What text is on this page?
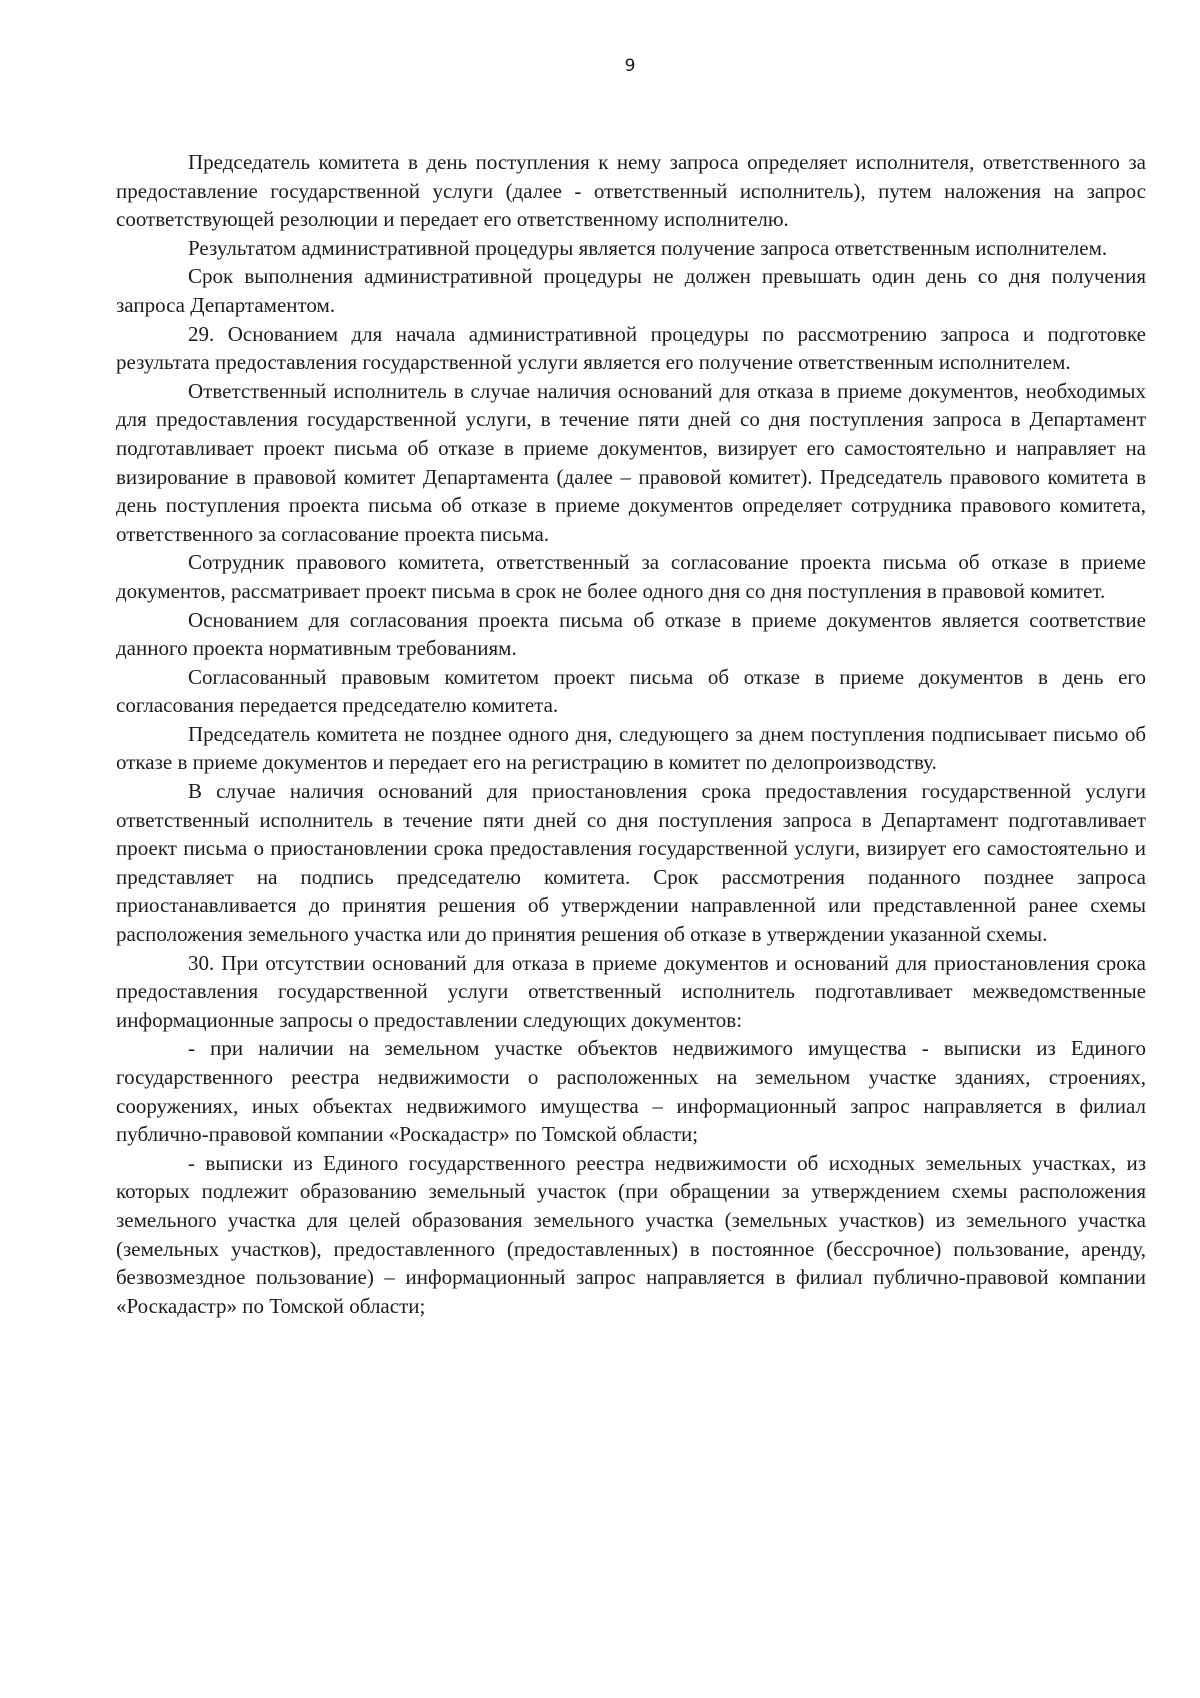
9

Председатель комитета в день поступления к нему запроса определяет исполнителя, ответственного за предоставление государственной услуги (далее - ответственный исполнитель), путем наложения на запрос соответствующей резолюции и передает его ответственному исполнителю.

Результатом административной процедуры является получение запроса ответственным исполнителем.

Срок выполнения административной процедуры не должен превышать один день со дня получения запроса Департаментом.

29. Основанием для начала административной процедуры по рассмотрению запроса и подготовке результата предоставления государственной услуги является его получение ответственным исполнителем.

Ответственный исполнитель в случае наличия оснований для отказа в приеме документов, необходимых для предоставления государственной услуги, в течение пяти дней со дня поступления запроса в Департамент подготавливает проект письма об отказе в приеме документов, визирует его самостоятельно и направляет на визирование в правовой комитет Департамента (далее – правовой комитет). Председатель правового комитета в день поступления проекта письма об отказе в приеме документов определяет сотрудника правового комитета, ответственного за согласование проекта письма.

Сотрудник правового комитета, ответственный за согласование проекта письма об отказе в приеме документов, рассматривает проект письма в срок не более одного дня со дня поступления в правовой комитет.

Основанием для согласования проекта письма об отказе в приеме документов является соответствие данного проекта нормативным требованиям.

Согласованный правовым комитетом проект письма об отказе в приеме документов в день его согласования передается председателю комитета.

Председатель комитета не позднее одного дня, следующего за днем поступления подписывает письмо об отказе в приеме документов и передает его на регистрацию в комитет по делопроизводству.

В случае наличия оснований для приостановления срока предоставления государственной услуги ответственный исполнитель в течение пяти дней со дня поступления запроса в Департамент подготавливает проект письма о приостановлении срока предоставления государственной услуги, визирует его самостоятельно и представляет на подпись председателю комитета. Срок рассмотрения поданного позднее запроса приостанавливается до принятия решения об утверждении направленной или представленной ранее схемы расположения земельного участка или до принятия решения об отказе в утверждении указанной схемы.

30. При отсутствии оснований для отказа в приеме документов и оснований для приостановления срока предоставления государственной услуги ответственный исполнитель подготавливает межведомственные информационные запросы о предоставлении следующих документов:

- при наличии на земельном участке объектов недвижимого имущества - выписки из Единого государственного реестра недвижимости о расположенных на земельном участке зданиях, строениях, сооружениях, иных объектах недвижимого имущества – информационный запрос направляется в филиал публично-правовой компании «Роскадастр» по Томской области;

- выписки из Единого государственного реестра недвижимости об исходных земельных участках, из которых подлежит образованию земельный участок (при обращении за утверждением схемы расположения земельного участка для целей образования земельного участка (земельных участков) из земельного участка (земельных участков), предоставленного (предоставленных) в постоянное (бессрочное) пользование, аренду, безвозмездное пользование) – информационный запрос направляется в филиал публично-правовой компании «Роскадастр» по Томской области;
